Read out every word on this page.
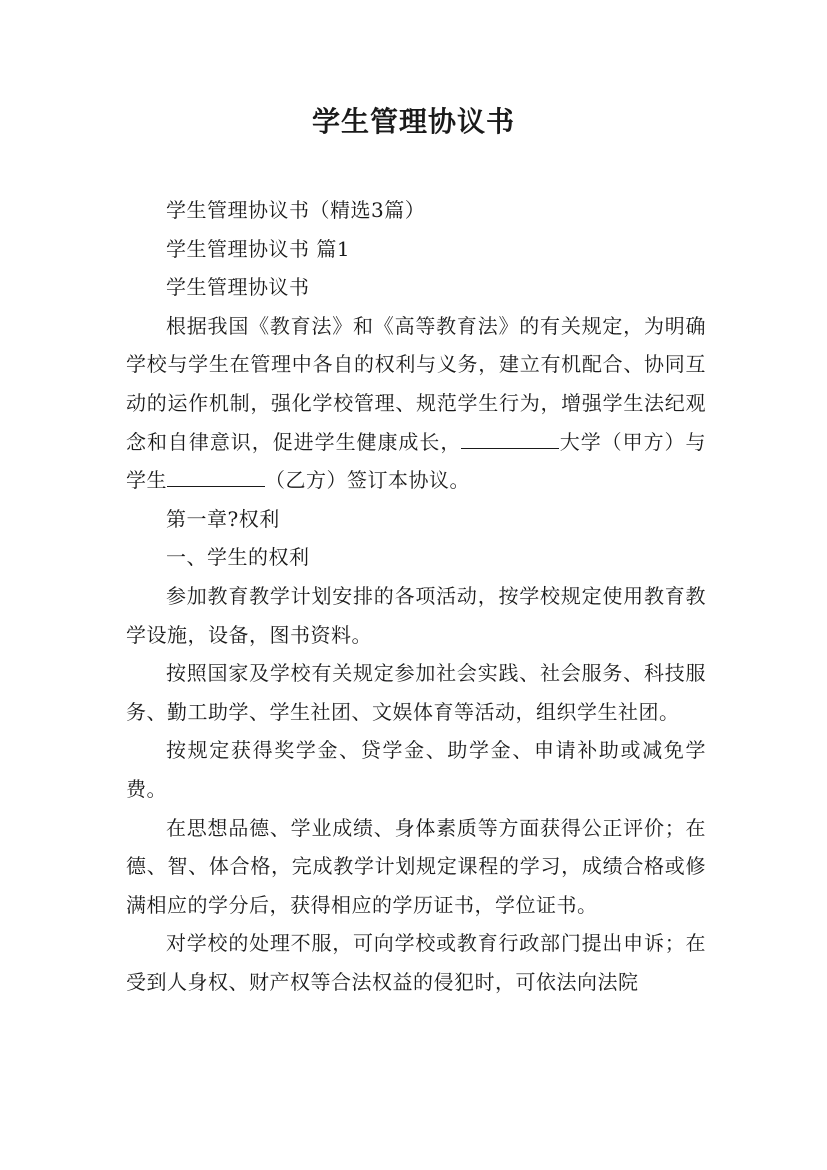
学生管理协议书

学生管理协议书（精选3篇）

学生管理协议书 篇1

学生管理协议书

根据我国《教育法》和《高等教育法》的有关规定，为明确学校与学生在管理中各自的权利与义务，建立有机配合、协同互动的运作机制，强化学校管理、规范学生行为，增强学生法纪观念和自律意识，促进学生健康成长，	大学（甲方）与学生	（乙方）签订本协议。

第一章?权利

一、学生的权利

参加教育教学计划安排的各项活动，按学校规定使用教育教学设施，设备，图书资料。

按照国家及学校有关规定参加社会实践、社会服务、科技服务、勤工助学、学生社团、文娱体育等活动，组织学生社团。

按规定获得奖学金、贷学金、助学金、申请补助或减免学费。

在思想品德、学业成绩、身体素质等方面获得公正评价；在德、智、体合格，完成教学计划规定课程的学习，成绩合格或修满相应的学分后，获得相应的学历证书，学位证书。

对学校的处理不服，可向学校或教育行政部门提出申诉；在受到人身权、财产权等合法权益的侵犯时，可依法向法院
